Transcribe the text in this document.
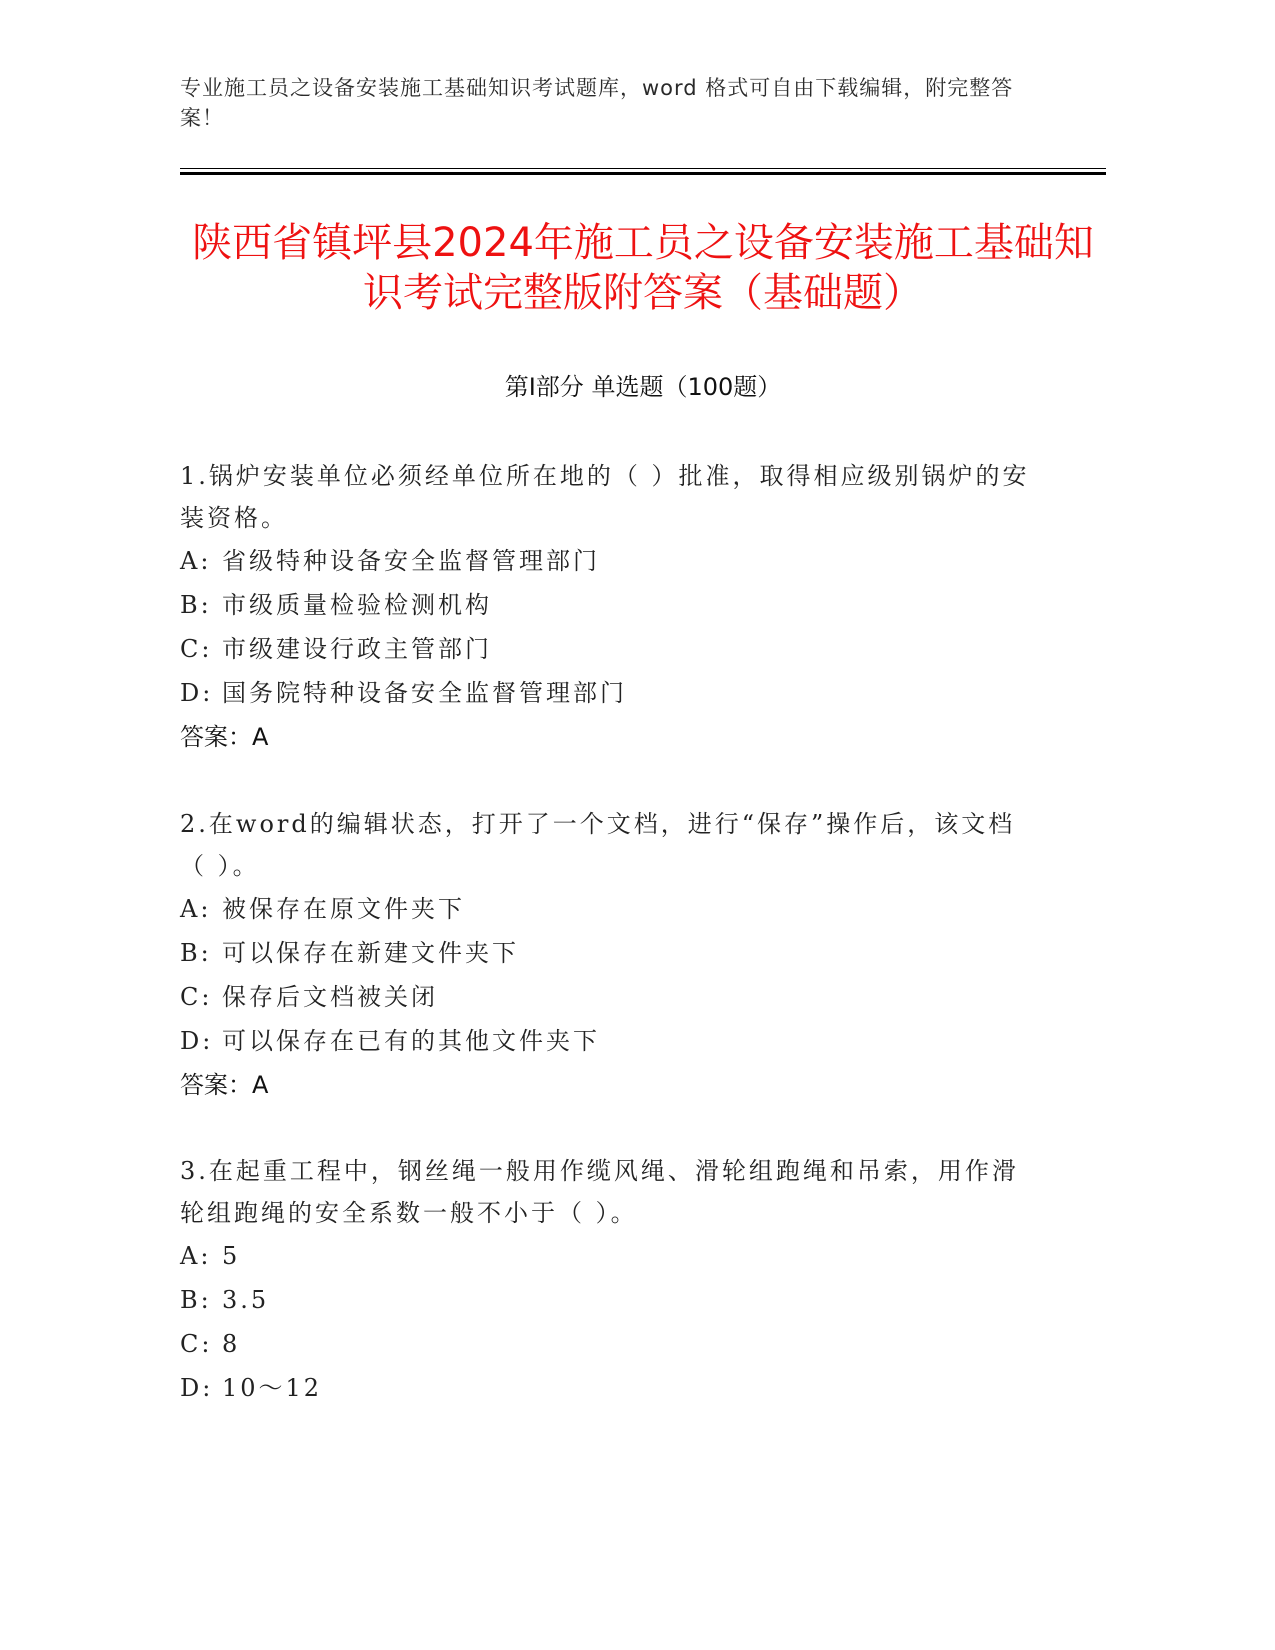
专业施工员之设备安装施工基础知识考试题库，word 格式可自由下载编辑，附完整答案！
陕西省镇坪县2024年施工员之设备安装施工基础知识考试完整版附答案（基础题）
第Ⅰ部分 单选题（100题）

1.锅炉安装单位必须经单位所在地的（ ）批准，取得相应级别锅炉的安装资格。

A: 省级特种设备安全监督管理部门

B: 市级质量检验检测机构

C: 市级建设行政主管部门

D: 国务院特种设备安全监督管理部门

答案：A

2.在word的编辑状态，打开了一个文档，进行“保存”操作后，该文档（ ）。

A: 被保存在原文件夹下

B: 可以保存在新建文件夹下

C: 保存后文档被关闭

D: 可以保存在已有的其他文件夹下

答案：A

3.在起重工程中，钢丝绳一般用作缆风绳、滑轮组跑绳和吊索，用作滑轮组跑绳的安全系数一般不小于（ ）。

A: 5

B: 3.5

C: 8

D: 10～12
